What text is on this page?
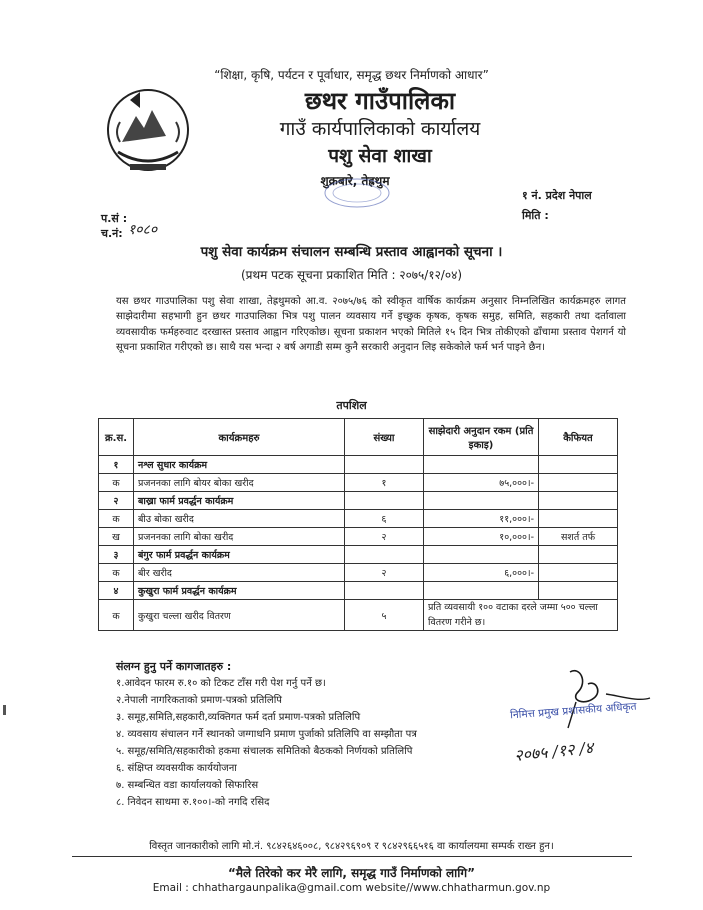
“शिक्षा, कृषि, पर्यटन र पूर्वाधार, समृद्ध छथर निर्माणको आधार”
छथर गाउँपालिका
गाउँ कार्यपालिकाको कार्यालय
पशु सेवा शाखा
शुक्रबारे, तेह्रथुम
१ नं. प्रदेश नेपाल
मिति :
प.सं :
च.नं: १०८०
पशु सेवा कार्यक्रम संचालन सम्बन्धि प्रस्ताव आह्वानको सूचना ।
(प्रथम पटक सूचना प्रकाशित मिति : २०७५/१२/०४)
यस छथर गाउपालिका पशु सेवा शाखा, तेह्रथुमको आ.व. २०७५/७६ को स्वीकृत वार्षिक कार्यक्रम अनुसार निम्नलिखित कार्यक्रमहरु लागत साझेदारीमा सहभागी हुन छथर गाउपालिका भित्र पशु पालन व्यवसाय गर्ने इच्छुक कृषक, कृषक समुह, समिति, सहकारी तथा दर्तावाला व्यवसायीक फर्महरुवाट दरखास्त प्रस्ताव आह्वान गरिएकोछ। सूचना प्रकाशन भएको मितिले १५ दिन भित्र तोकीएको ढाँचामा प्रस्ताव पेशगर्न यो सूचना प्रकाशित गरीएको छ। साथै यस भन्दा २ बर्ष अगाडी सम्म कुनै सरकारी अनुदान लिइ सकेकोले फर्म भर्न पाइने छैन।
तपशिल
क्र.स.	कार्यक्रमहरु	संख्या	साझेदारी अनुदान रकम (प्रति इकाइ)	कैफियत
१	नश्ल सुधार कार्यक्रम			
क	प्रजननका लागि बोयर बोका खरीद	१	७५,०००।-	
२	बाख्रा फार्म प्रवर्द्धन कार्यक्रम			
क	बीउ बोका खरीद	६	११,०००।-	
ख	प्रजननका लागि बोका खरीद	२	१०,०००।-	सशर्त तर्फ
३	बंगुर फार्म प्रवर्द्धन कार्यक्रम			
क	बीर खरीद	२	६,०००।-	
४	कुखुरा फार्म प्रवर्द्धन कार्यक्रम			
क	कुखुरा चल्ला खरीद वितरण	५	प्रति व्यवसायी १०० वटाका दरले जम्मा ५०० चल्ला वितरण गरीने छ।	
संलग्न हुनु पर्ने कागजातहरु :
१.आवेदन फारम रु.१० को टिकट टाँस गरी पेश गर्नु पर्ने छ।
२.नेपाली नागरिकताको प्रमाण-पत्रको प्रतिलिपि
३. समूह,समिति,सहकारी,व्यक्तिगत फर्म दर्ता प्रमाण-पत्रको प्रतिलिपि
४. व्यवसाय संचालन गर्ने स्थानको जग्गाधनि प्रमाण पुर्जाको प्रतिलिपि वा सम्झौता पत्र
५. समूह/समिति/सहकारीको हकमा संचालक समितिको बैठकको निर्णयको प्रतिलिपि
६. संक्षिप्त व्यवसयीक कार्ययोजना
७. सम्बन्धित वडा कार्यालयको सिफारिस
८. निवेदन साथमा रु.१००।-को नगदि रसिद
निमित्त प्रमुख प्रशासकीय अधिकृत
२०७५ /१२ /४
विस्तृत जानकारीको लागि मो.नं. ९८४२६४६००८, ९८४२९६९०९ र ९८४२९६६५१६ वा कार्यालयमा सम्पर्क राख्न हुन।
“मैले तिरेको कर मेरै लागि, समृद्ध गाउँ निर्माणको लागि”
Email : chhathargaunpalika@gmail.com website//www.chhatharmun.gov.np
